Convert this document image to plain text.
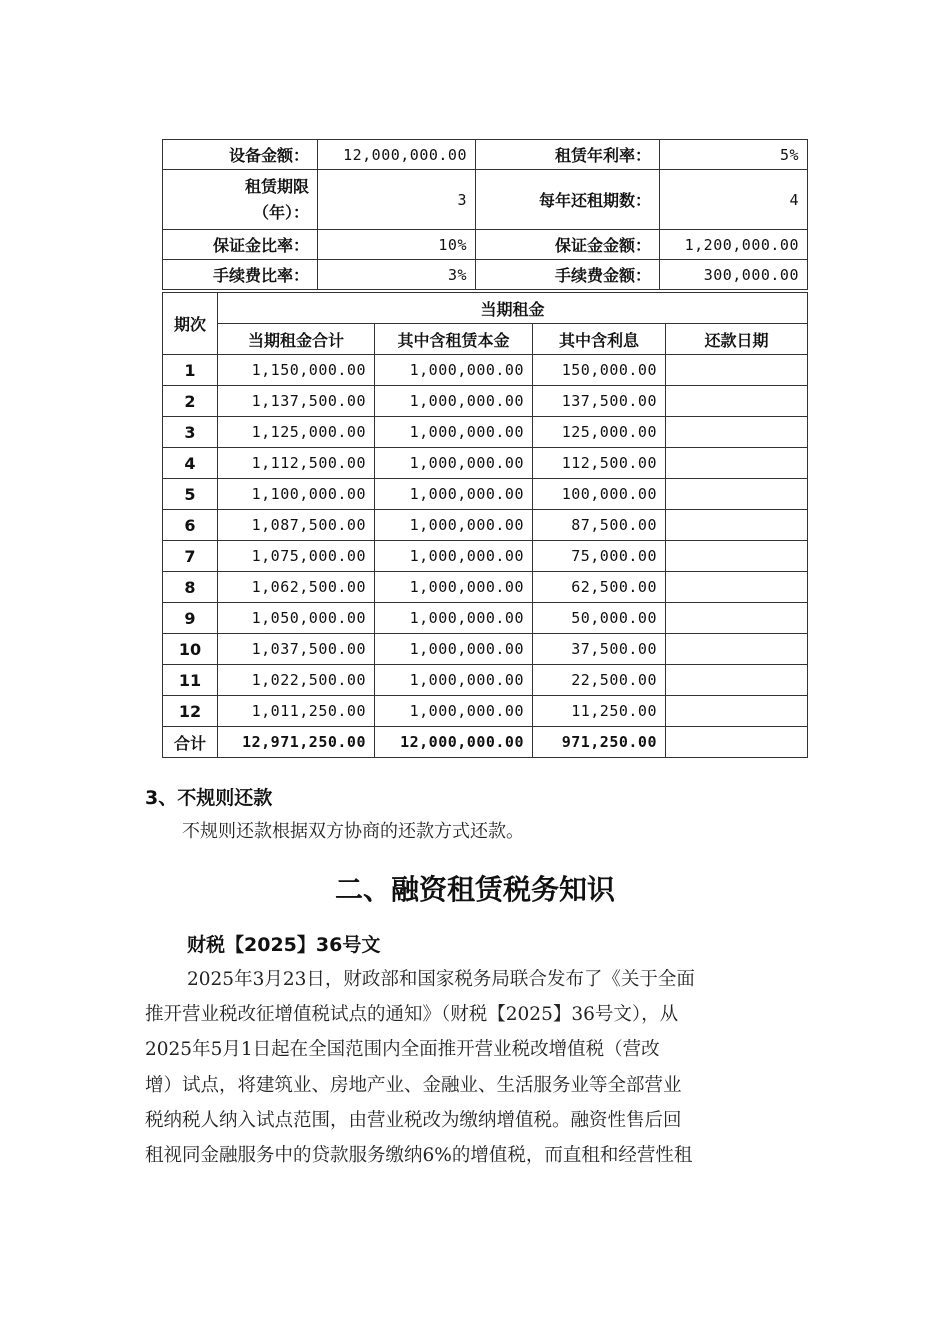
设备金额：	12,000,000.00	租赁年利率：	5%
租赁期限
（年）：	3	每年还租期数：	4
保证金比率：	10%	保证金金额：	1,200,000.00
手续费比率：	3%	手续费金额：	300,000.00
期次	当期租金			
	当期租金合计	其中含租赁本金	其中含利息	还款日期
1	1,150,000.00	1,000,000.00	150,000.00	
2	1,137,500.00	1,000,000.00	137,500.00	
3	1,125,000.00	1,000,000.00	125,000.00	
4	1,112,500.00	1,000,000.00	112,500.00	
5	1,100,000.00	1,000,000.00	100,000.00	
6	1,087,500.00	1,000,000.00	87,500.00	
7	1,075,000.00	1,000,000.00	75,000.00	
8	1,062,500.00	1,000,000.00	62,500.00	
9	1,050,000.00	1,000,000.00	50,000.00	
10	1,037,500.00	1,000,000.00	37,500.00	
11	1,022,500.00	1,000,000.00	22,500.00	
12	1,011,250.00	1,000,000.00	11,250.00	
合计	12,971,250.00	12,000,000.00	971,250.00	
3、不规则还款
不规则还款根据双方协商的还款方式还款。
二、融资租赁税务知识
财税【2025】36号文
2025年3月23日，财政部和国家税务局联合发布了《关于全面
推开营业税改征增值税试点的通知》（财税【2025】36号文），从
2025年5月1日起在全国范围内全面推开营业税改增值税（营改
增）试点，将建筑业、房地产业、金融业、生活服务业等全部营业
税纳税人纳入试点范围，由营业税改为缴纳增值税。融资性售后回
租视同金融服务中的贷款服务缴纳6%的增值税，而直租和经营性租
